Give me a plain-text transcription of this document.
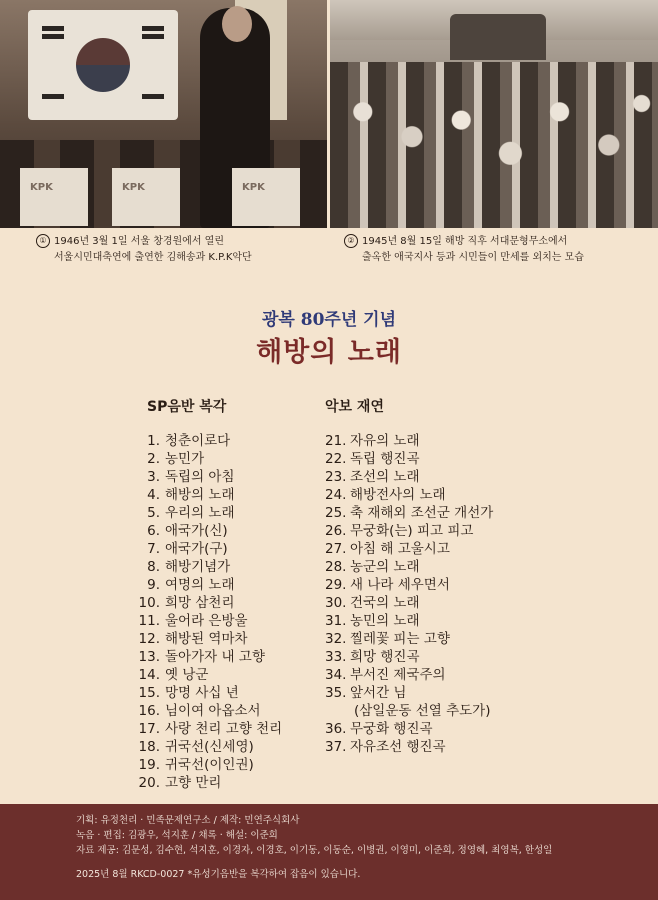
KPK	KPK	KPK
① 1946년 3월 1일 서울 창경원에서 열린
서울시민대축연에 출연한 김해송과 K.P.K악단
② 1945년 8월 15일 해방 직후 서대문형무소에서
출옥한 애국지사 등과 시민들이 만세를 외치는 모습
광복 80주년 기념
해방의 노래
SP음반 복각	악보 재연
1. 청춘이로다
2. 농민가
3. 독립의 아침
4. 해방의 노래
5. 우리의 노래
6. 애국가(신)
7. 애국가(구)
8. 해방기념가
9. 여명의 노래
10. 희망 삼천리
11. 울어라 은방울
12. 해방된 역마차
13. 돌아가자 내 고향
14. 옛 낭군
15. 망명 사십 년
16. 님이여 아옵소서
17. 사랑 천리 고향 천리
18. 귀국선(신세영)
19. 귀국선(이인권)
20. 고향 만리
21. 자유의 노래
22. 독립 행진곡
23. 조선의 노래
24. 해방전사의 노래
25. 축 재해외 조선군 개선가
26. 무궁화(는) 피고 피고
27. 아침 해 고울시고
28. 농군의 노래
29. 새 나라 세우면서
30. 건국의 노래
31. 농민의 노래
32. 찔레꽃 피는 고향
33. 희망 행진곡
34. 부서진 제국주의
35. 앞서간 님
(삼일운동 선열 추도가)
36. 무궁화 행진곡
37. 자유조선 행진곡
기획: 유정천리 · 민족문제연구소 / 제작: 민연주식회사
녹음 · 편집: 김광우, 석지훈 / 채록 · 해설: 이준희
자료 제공: 김문성, 김수현, 석지훈, 이경자, 이경호, 이기동, 이동순, 이병권, 이영미, 이준희, 정영혜, 최영복, 한성일
2025년 8월 RKCD-0027 *유성기음반을 복각하여 잡음이 있습니다.
